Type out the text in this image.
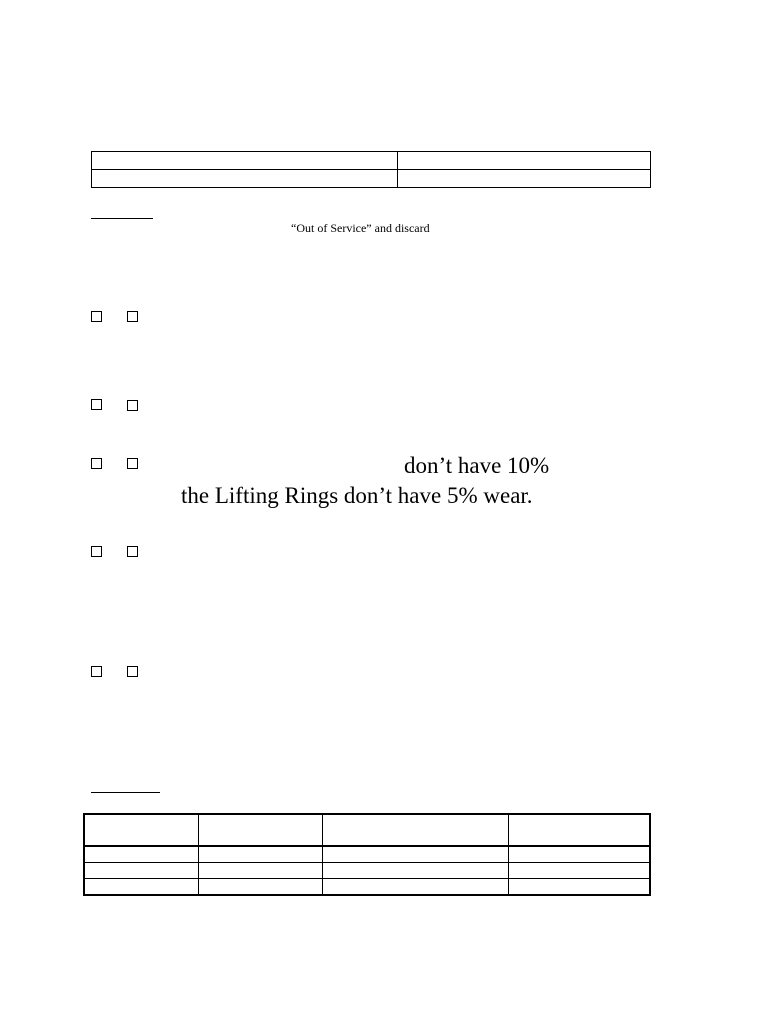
“Out of Service” and discard
don’t have 10%
the Lifting Rings don’t have 5% wear.
